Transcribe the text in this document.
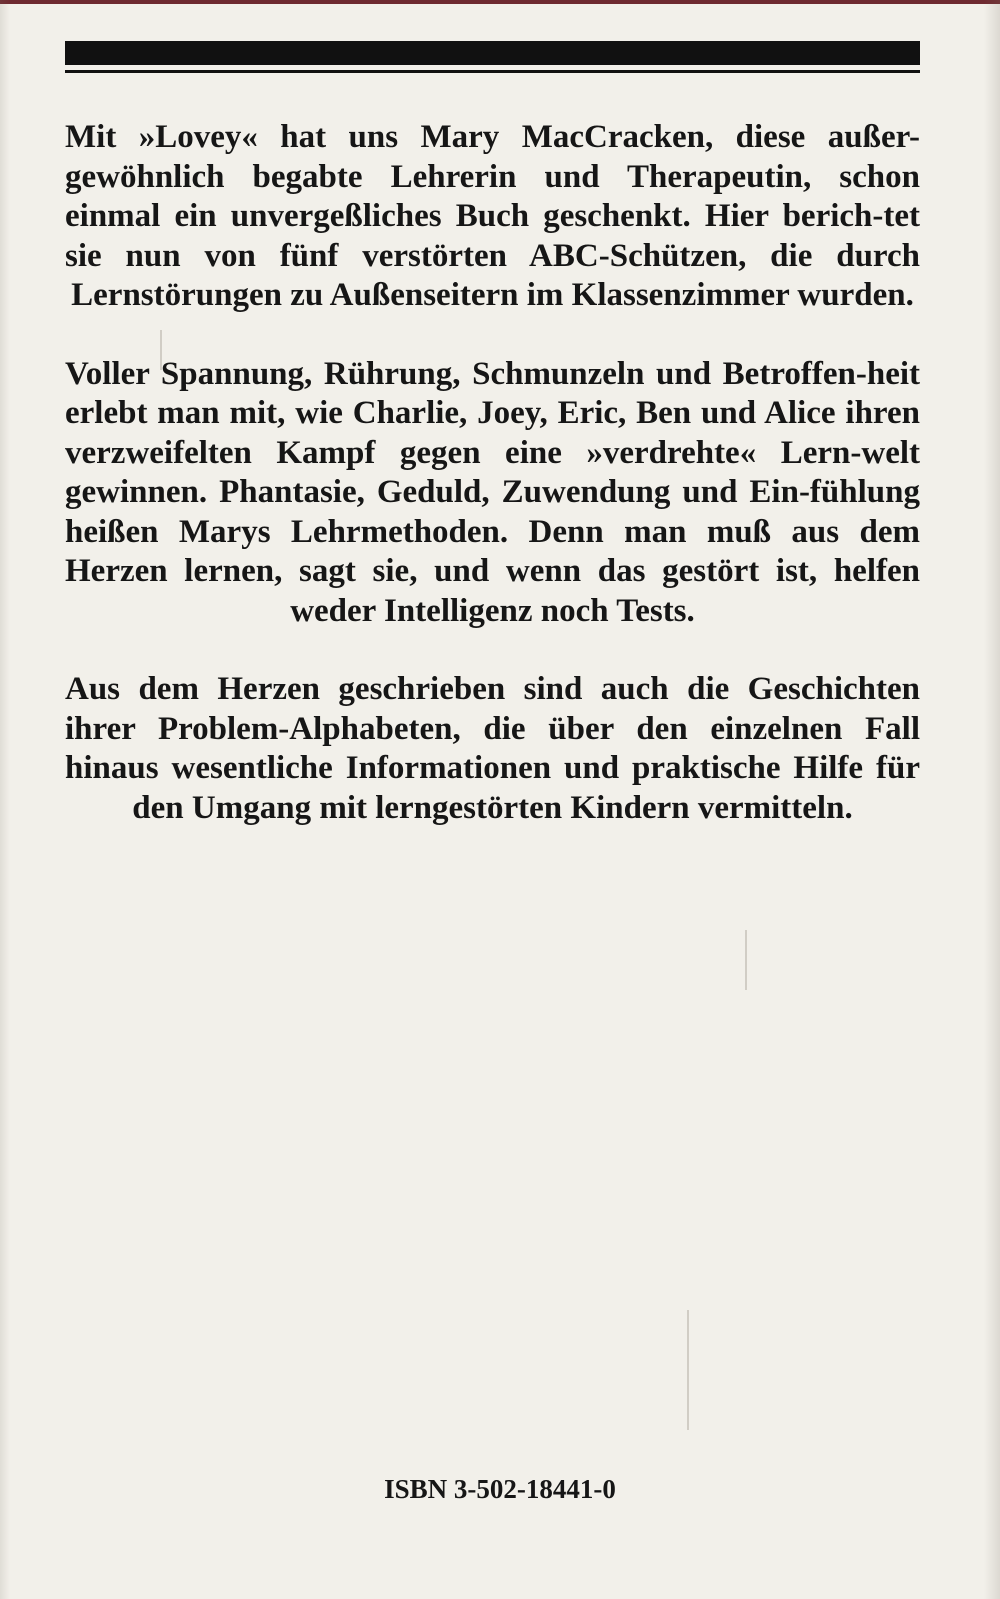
Mit »Lovey« hat uns Mary MacCracken, diese außer-gewöhnlich begabte Lehrerin und Therapeutin, schon einmal ein unvergeßliches Buch geschenkt. Hier berich-tet sie nun von fünf verstörten ABC-Schützen, die durch Lernstörungen zu Außenseitern im Klassenzimmer wurden.

Voller Spannung, Rührung, Schmunzeln und Betroffen-heit erlebt man mit, wie Charlie, Joey, Eric, Ben und Alice ihren verzweifelten Kampf gegen eine »verdrehte« Lern-welt gewinnen. Phantasie, Geduld, Zuwendung und Ein-fühlung heißen Marys Lehrmethoden. Denn man muß aus dem Herzen lernen, sagt sie, und wenn das gestört ist, helfen weder Intelligenz noch Tests.

Aus dem Herzen geschrieben sind auch die Geschichten ihrer Problem-Alphabeten, die über den einzelnen Fall hinaus wesentliche Informationen und praktische Hilfe für den Umgang mit lerngestörten Kindern vermitteln.

ISBN 3-502-18441-0
